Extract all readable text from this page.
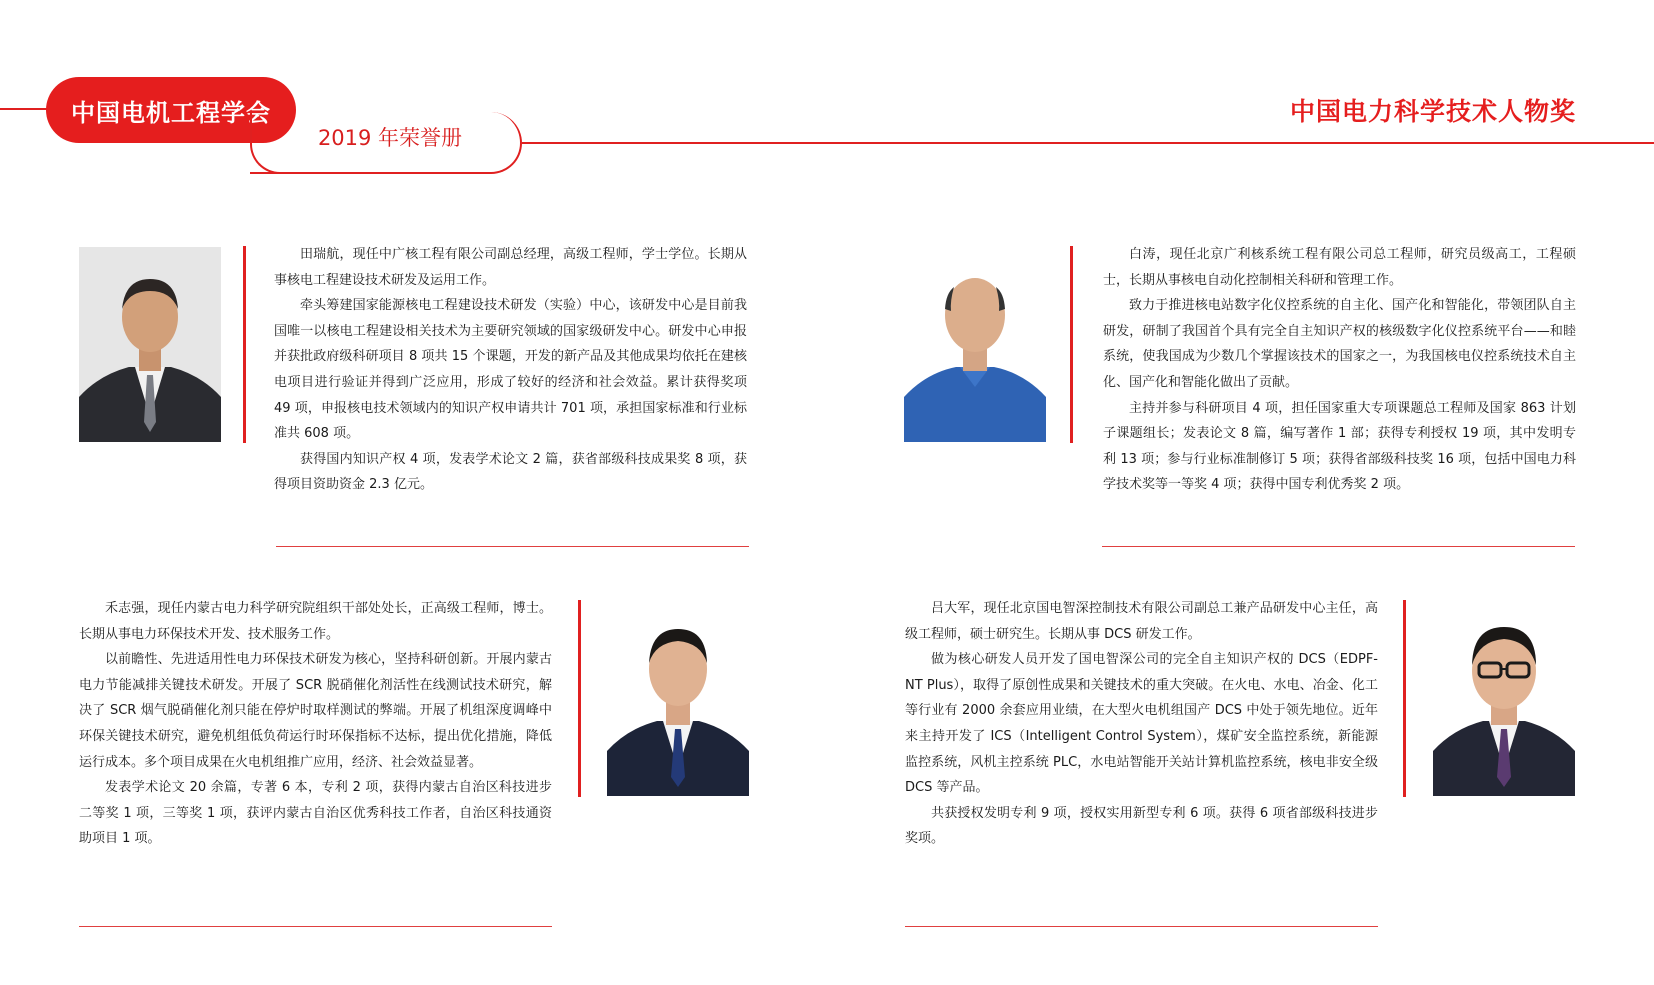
中国电机工程学会
2019 年荣誉册
中国电力科学技术人物奖

田瑞航，现任中广核工程有限公司副总经理，高级工程师，学士学位。长期从事核电工程建设技术研发及运用工作。

牵头筹建国家能源核电工程建设技术研发（实验）中心，该研发中心是目前我国唯一以核电工程建设相关技术为主要研究领域的国家级研发中心。研发中心申报并获批政府级科研项目 8 项共 15 个课题，开发的新产品及其他成果均依托在建核电项目进行验证并得到广泛应用，形成了较好的经济和社会效益。累计获得奖项 49 项，申报核电技术领域内的知识产权申请共计 701 项，承担国家标准和行业标准共 608 项。

获得国内知识产权 4 项，发表学术论文 2 篇，获省部级科技成果奖 8 项，获得项目资助资金 2.3 亿元。

白涛，现任北京广利核系统工程有限公司总工程师，研究员级高工，工程硕士，长期从事核电自动化控制相关科研和管理工作。

致力于推进核电站数字化仪控系统的自主化、国产化和智能化，带领团队自主研发，研制了我国首个具有完全自主知识产权的核级数字化仪控系统平台——和睦系统，使我国成为少数几个掌握该技术的国家之一，为我国核电仪控系统技术自主化、国产化和智能化做出了贡献。

主持并参与科研项目 4 项，担任国家重大专项课题总工程师及国家 863 计划子课题组长；发表论文 8 篇，编写著作 1 部；获得专利授权 19 项，其中发明专利 13 项；参与行业标准制修订 5 项；获得省部级科技奖 16 项，包括中国电力科学技术奖等一等奖 4 项；获得中国专利优秀奖 2 项。

禾志强，现任内蒙古电力科学研究院组织干部处处长，正高级工程师，博士。长期从事电力环保技术开发、技术服务工作。

以前瞻性、先进适用性电力环保技术研发为核心，坚持科研创新。开展内蒙古电力节能减排关键技术研发。开展了 SCR 脱硝催化剂活性在线测试技术研究，解决了 SCR 烟气脱硝催化剂只能在停炉时取样测试的弊端。开展了机组深度调峰中环保关键技术研究，避免机组低负荷运行时环保指标不达标，提出优化措施，降低运行成本。多个项目成果在火电机组推广应用，经济、社会效益显著。

发表学术论文 20 余篇，专著 6 本，专利 2 项，获得内蒙古自治区科技进步二等奖 1 项，三等奖 1 项，获评内蒙古自治区优秀科技工作者，自治区科技通资助项目 1 项。

吕大军，现任北京国电智深控制技术有限公司副总工兼产品研发中心主任，高级工程师，硕士研究生。长期从事 DCS 研发工作。

做为核心研发人员开发了国电智深公司的完全自主知识产权的 DCS（EDPF-NT Plus），取得了原创性成果和关键技术的重大突破。在火电、水电、冶金、化工等行业有 2000 余套应用业绩，在大型火电机组国产 DCS 中处于领先地位。近年来主持开发了 ICS（Intelligent Control System），煤矿安全监控系统，新能源监控系统，风机主控系统 PLC，水电站智能开关站计算机监控系统，核电非安全级 DCS 等产品。

共获授权发明专利 9 项，授权实用新型专利 6 项。获得 6 项省部级科技进步奖项。
